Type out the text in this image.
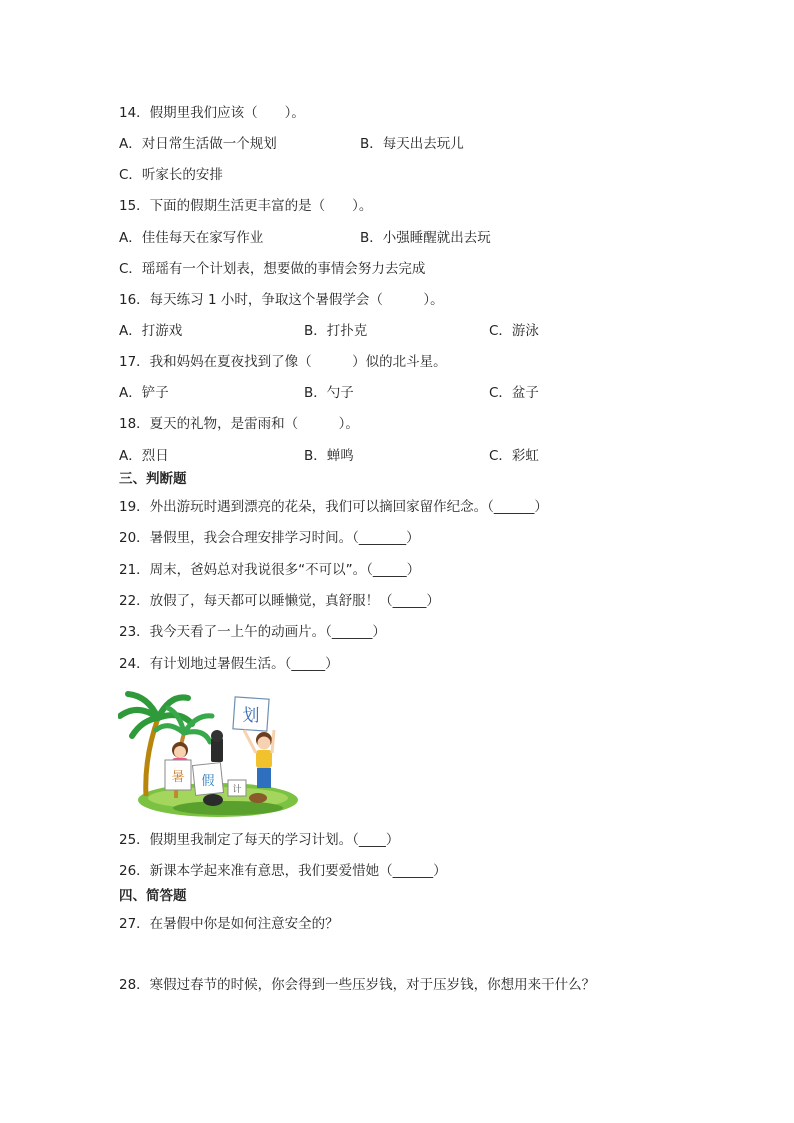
14．假期里我们应该（　　）。
A．对日常生活做一个规划	B．每天出去玩儿
C．听家长的安排
15．下面的假期生活更丰富的是（　　）。
A．佳佳每天在家写作业	B．小强睡醒就出去玩
C．瑶瑶有一个计划表，想要做的事情会努力去完成
16．每天练习 1 小时，争取这个暑假学会（　　　）。
A．打游戏	B．打扑克	C．游泳
17．我和妈妈在夏夜找到了像（　　　）似的北斗星。
A．铲子	B．勺子	C．盆子
18．夏天的礼物，是雷雨和（　　　）。
A．烈日	B．蝉鸣	C．彩虹
三、判断题
19．外出游玩时遇到漂亮的花朵，我们可以摘回家留作纪念。（______）
20．暑假里，我会合理安排学习时间。（_______）
21．周末，爸妈总对我说很多“不可以”。（_____）
22．放假了，每天都可以睡懒觉，真舒服！（_____）
23．我今天看了一上午的动画片。（______）
24．有计划地过暑假生活。（_____）
暑 假
计
划
25．假期里我制定了每天的学习计划。（____）
26．新课本学起来准有意思，我们要爱惜她（______）
四、简答题
27．在暑假中你是如何注意安全的？
28．寒假过春节的时候，你会得到一些压岁钱，对于压岁钱，你想用来干什么？
